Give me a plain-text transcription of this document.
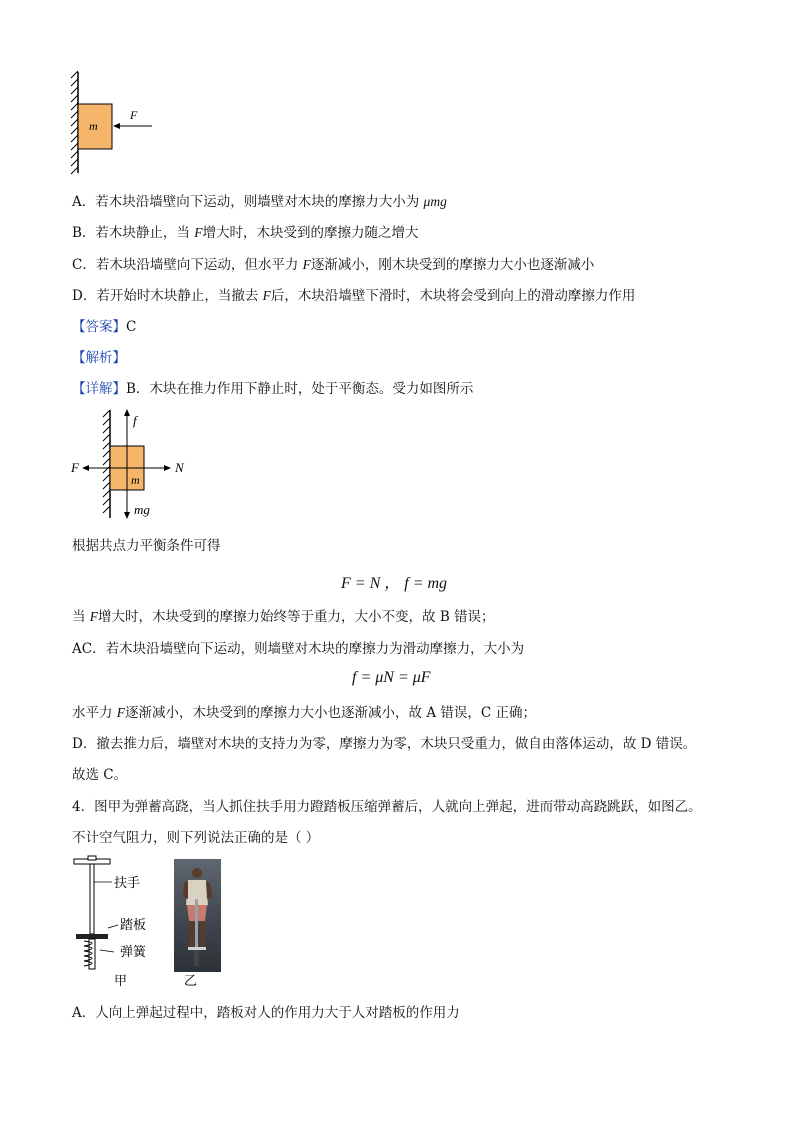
m
F
A．若木块沿墙壁向下运动，则墙壁对木块的摩擦力大小为 μmg
B．若木块静止，当 F增大时，木块受到的摩擦力随之增大
C．若木块沿墙壁向下运动，但水平力 F逐渐减小，刚木块受到的摩擦力大小也逐渐减小
D．若开始时木块静止，当撤去 F后，木块沿墙壁下滑时，木块将会受到向上的滑动摩擦力作用
【答案】C
【解析】
【详解】B．木块在推力作用下静止时，处于平衡态。受力如图所示
f
F	N
m
mg
根据共点力平衡条件可得
F = N ， f = mg
当 F增大时，木块受到的摩擦力始终等于重力，大小不变，故 B 错误；
AC．若木块沿墙壁向下运动，则墙壁对木块的摩擦力为滑动摩擦力，大小为
f = μN = μF
水平力 F逐渐减小，木块受到的摩擦力大小也逐渐减小，故 A 错误，C 正确；
D．撤去推力后，墙壁对木块的支持力为零，摩擦力为零，木块只受重力，做自由落体运动，故 D 错误。
故选 C。
4．图甲为弹蓄高跷，当人抓住扶手用力蹬踏板压缩弹蓄后，人就向上弹起，进而带动高跷跳跃，如图乙。
不计空气阻力，则下列说法正确的是（ ）
扶手
踏板
弹簧
甲	乙
A．人向上弹起过程中，踏板对人的作用力大于人对踏板的作用力
